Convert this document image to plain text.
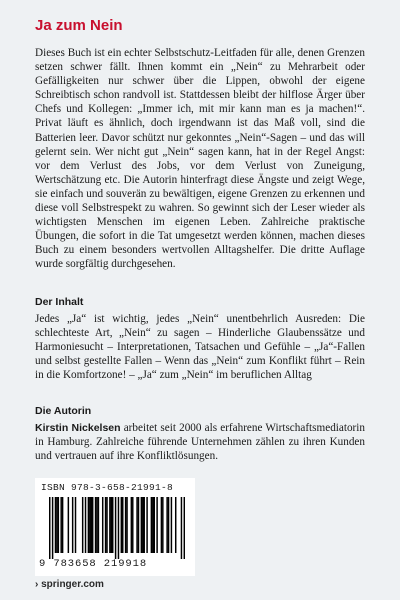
Ja zum Nein

Dieses Buch ist ein echter Selbstschutz-Leitfaden für alle, denen Grenzen setzen schwer fällt. Ihnen kommt ein „Nein“ zu Mehrarbeit oder Gefälligkeiten nur schwer über die Lippen, obwohl der eigene Schreibtisch schon randvoll ist. Stattdessen bleibt der hilflose Ärger über Chefs und Kollegen: „Immer ich, mit mir kann man es ja machen!“. Privat läuft es ähnlich, doch irgendwann ist das Maß voll, sind die Batterien leer. Davor schützt nur gekonntes „Nein“-Sagen – und das will gelernt sein. Wer nicht gut „Nein“ sagen kann, hat in der Regel Angst: vor dem Verlust des Jobs, vor dem Verlust von Zuneigung, Wertschätzung etc. Die Autorin hinterfragt diese Ängste und zeigt Wege, sie einfach und souverän zu bewältigen, eigene Grenzen zu erkennen und diese voll Selbstrespekt zu wahren. So gewinnt sich der Leser wieder als wichtigsten Menschen im eigenen Leben. Zahlreiche praktische Übungen, die sofort in die Tat umgesetzt werden können, machen dieses Buch zu einem besonders wertvollen Alltagshelfer. Die dritte Auflage wurde sorgfältig durchgesehen.

Der Inhalt

Jedes „Ja“ ist wichtig, jedes „Nein“ unentbehrlich Ausreden: Die schlechteste Art, „Nein“ zu sagen – Hinderliche Glaubenssätze und Harmoniesucht – Interpretationen, Tatsachen und Gefühle – „Ja“-Fallen und selbst gestellte Fallen – Wenn das „Nein“ zum Konflikt führt – Rein in die Komfortzone! – „Ja“ zum „Nein“ im beruflichen Alltag

Die Autorin

Kirstin Nickelsen arbeitet seit 2000 als erfahrene Wirtschaftsmediatorin in Hamburg. Zahlreiche führende Unternehmen zählen zu ihren Kunden und vertrauen auf ihre Konfliktlösungen.

ISBN 978-3-658-21991-8
9 783658 219918
› springer.com
